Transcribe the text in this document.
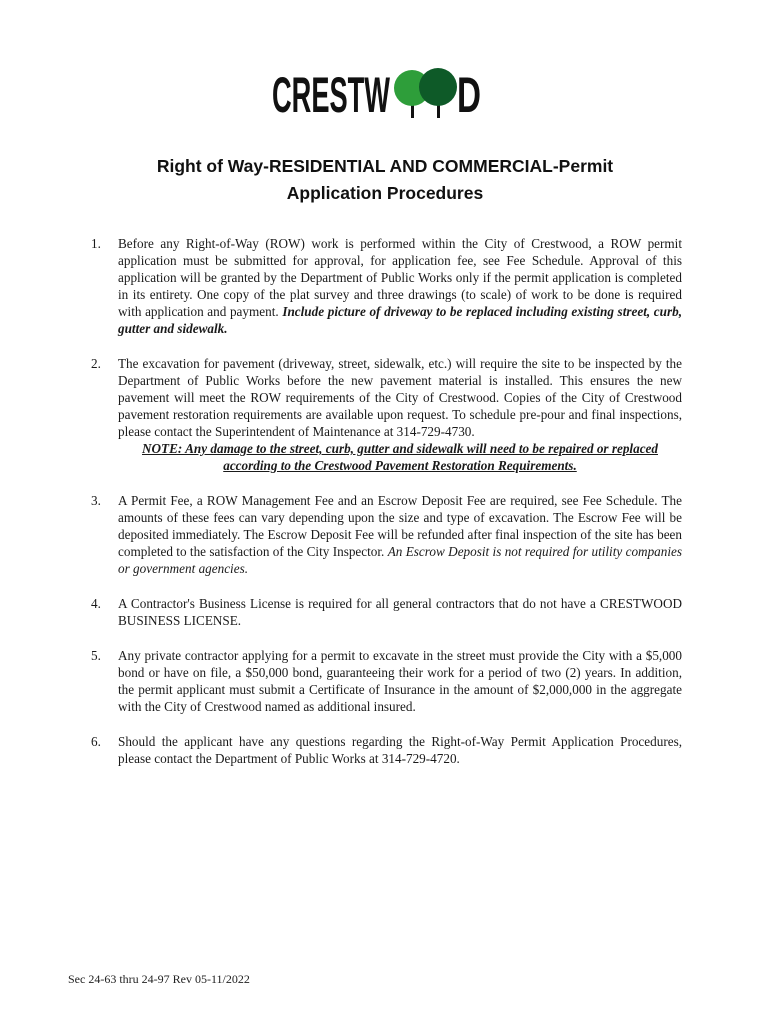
CRESTW D
Right of Way-RESIDENTIAL AND COMMERCIAL-Permit
Application Procedures
1. Before any Right-of-Way (ROW) work is performed within the City of Crestwood, a ROW permit application must be submitted for approval, for application fee, see Fee Schedule. Approval of this application will be granted by the Department of Public Works only if the permit application is completed in its entirety. One copy of the plat survey and three drawings (to scale) of work to be done is required with application and payment. Include picture of driveway to be replaced including existing street, curb, gutter and sidewalk.
2. The excavation for pavement (driveway, street, sidewalk, etc.) will require the site to be inspected by the Department of Public Works before the new pavement material is installed. This ensures the new pavement will meet the ROW requirements of the City of Crestwood. Copies of the City of Crestwood pavement restoration requirements are available upon request. To schedule pre-pour and final inspections, please contact the Superintendent of Maintenance at 314-729-4730.
NOTE: Any damage to the street, curb, gutter and sidewalk will need to be repaired or replaced according to the Crestwood Pavement Restoration Requirements.
3. A Permit Fee, a ROW Management Fee and an Escrow Deposit Fee are required, see Fee Schedule. The amounts of these fees can vary depending upon the size and type of excavation. The Escrow Fee will be deposited immediately. The Escrow Deposit Fee will be refunded after final inspection of the site has been completed to the satisfaction of the City Inspector. An Escrow Deposit is not required for utility companies or government agencies.
4. A Contractor's Business License is required for all general contractors that do not have a CRESTWOOD BUSINESS LICENSE.
5. Any private contractor applying for a permit to excavate in the street must provide the City with a $5,000 bond or have on file, a $50,000 bond, guaranteeing their work for a period of two (2) years. In addition, the permit applicant must submit a Certificate of Insurance in the amount of $2,000,000 in the aggregate with the City of Crestwood named as additional insured.
6. Should the applicant have any questions regarding the Right-of-Way Permit Application Procedures, please contact the Department of Public Works at 314-729-4720.
Sec 24-63 thru 24-97 Rev 05-11/2022
